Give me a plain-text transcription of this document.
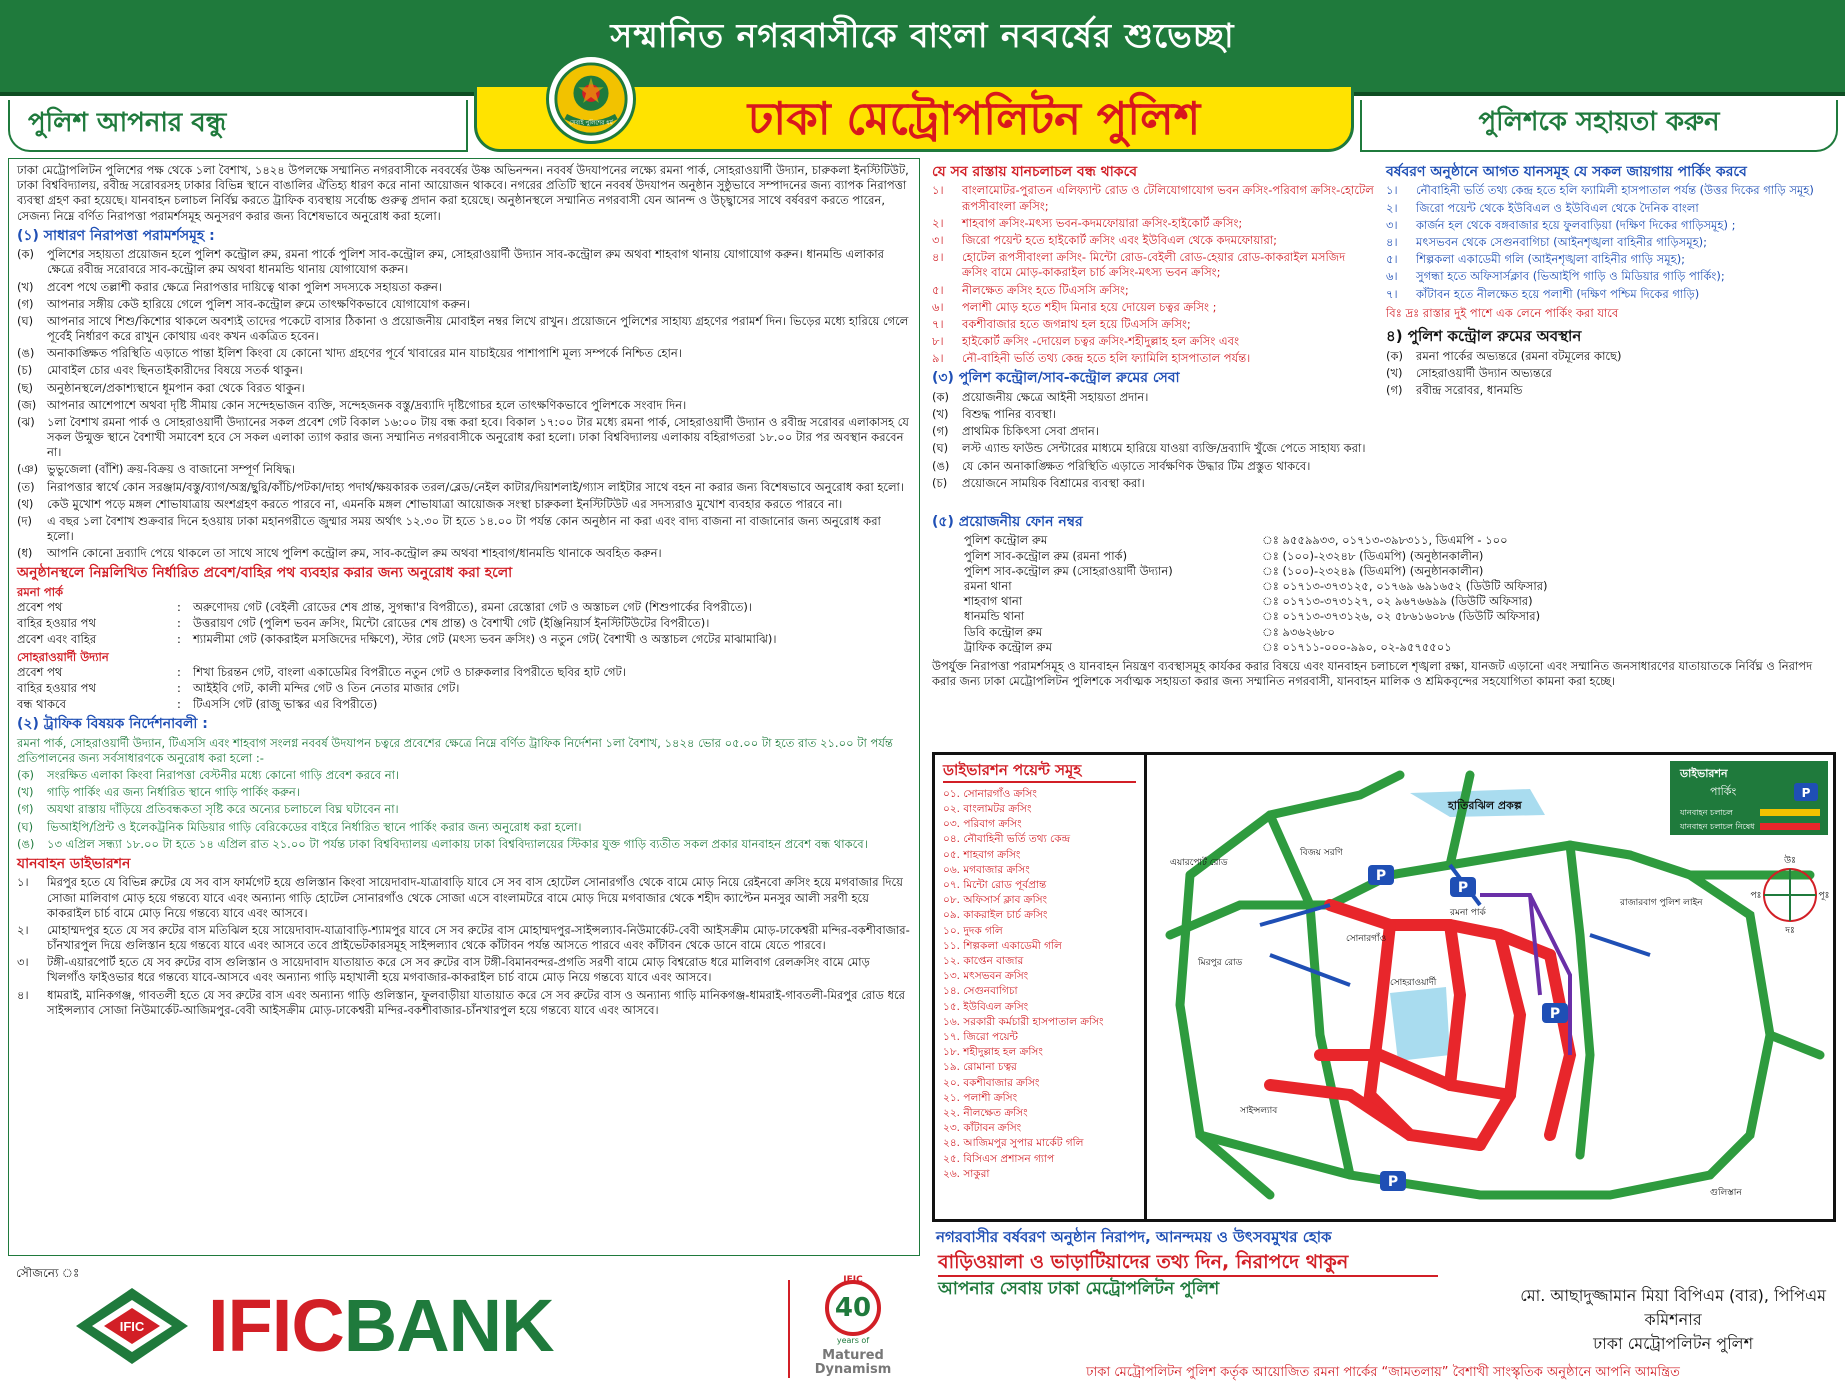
সম্মানিত নগরবাসীকে বাংলা নববর্ষের শুভেচ্ছা
পুলিশ আপনার বন্ধু	ঢাকা মেট্রোপলিটন পুলিশ	পুলিশকে সহায়তা করুন
সেবাই পুলিশের ধর্ম

ঢাকা মেট্রোপলিটন পুলিশের পক্ষ থেকে ১লা বৈশাখ, ১৪২৪ উপলক্ষে সম্মানিত নগরবাসীকে নববর্ষের উষ্ণ অভিনন্দন। নববর্ষ উদযাপনের লক্ষ্যে রমনা পার্ক, সোহরাওয়ার্দী উদ্যান, চারুকলা ইনস্টিটিউট, ঢাকা বিশ্ববিদ্যালয়, রবীন্দ্র সরোবরসহ ঢাকার বিভিন্ন স্থানে বাঙালির ঐতিহ্য ধারণ করে নানা আয়োজন থাকবে। নগরের প্রতিটি স্থানে নববর্ষ উদযাপন অনুষ্ঠান সুষ্ঠুভাবে সম্পাদনের জন্য ব্যাপক নিরাপত্তা ব্যবস্থা গ্রহণ করা হয়েছে। যানবাহন চলাচল নির্বিঘ্ন করতে ট্রাফিক ব্যবস্থায় সর্বোচ্চ গুরুত্ব প্রদান করা হয়েছে। অনুষ্ঠানস্থলে সম্মানিত নগরবাসী যেন আনন্দ ও উচ্ছ্বাসের সাথে বর্ষবরণ করতে পারেন, সেজন্য নিম্নে বর্ণিত নিরাপত্তা পরামর্শসমূহ অনুসরণ করার জন্য বিশেষভাবে অনুরোধ করা হলো।

(১) সাধারণ নিরাপত্তা পরামর্শসমূহ :
(ক)	পুলিশের সহায়তা প্রয়োজন হলে পুলিশ কন্ট্রোল রুম, রমনা পার্কে পুলিশ সাব-কন্ট্রোল রুম, সোহরাওয়ার্দী উদ্যান সাব-কন্ট্রোল রুম অথবা শাহবাগ থানায় যোগাযোগ করুন। ধানমন্ডি এলাকার ক্ষেত্রে রবীন্দ্র সরোবরে সাব-কন্ট্রোল রুম অথবা ধানমন্ডি থানায় যোগাযোগ করুন।
(খ)	প্রবেশ পথে তল্লাশী করার ক্ষেত্রে নিরাপত্তার দায়িত্বে থাকা পুলিশ সদস্যকে সহায়তা করুন।
(গ)	আপনার সঙ্গীয় কেউ হারিয়ে গেলে পুলিশ সাব-কন্ট্রোল রুমে তাৎক্ষণিকভাবে যোগাযোগ করুন।
(ঘ)	আপনার সাথে শিশু/কিশোর থাকলে অবশ্যই তাদের পকেটে বাসার ঠিকানা ও প্রয়োজনীয় মোবাইল নম্বর লিখে রাখুন। প্রয়োজনে পুলিশের সাহায্য গ্রহণের পরামর্শ দিন। ভিড়ের মধ্যে হারিয়ে গেলে পূর্বেই নির্ধারণ করে রাখুন কোথায় এবং কখন একত্রিত হবেন।
(ঙ)	অনাকাঙ্ক্ষিত পরিস্থিতি এড়াতে পান্তা ইলিশ কিংবা যে কোনো খাদ্য গ্রহণের পূর্বে খাবারের মান যাচাইয়ের পাশাপাশি মূল্য সম্পর্কে নিশ্চিত হোন।
(চ)	মোবাইল চোর এবং ছিনতাইকারীদের বিষয়ে সতর্ক থাকুন।
(ছ)	অনুষ্ঠানস্থলে/প্রকাশ্যস্থানে ধূমপান করা থেকে বিরত থাকুন।
(জ) আপনার আশেপাশে অথবা দৃষ্টি সীমায় কোন সন্দেহভাজন ব্যক্তি, সন্দেহজনক বস্তু/দ্রব্যাদি দৃষ্টিগোচর হলে তাৎক্ষণিকভাবে পুলিশকে সংবাদ দিন।
(ঝ)	১লা বৈশাখ রমনা পার্ক ও সোহরাওয়ার্দী উদ্যানের সকল প্রবেশ গেট বিকাল ১৬:০০ টায় বন্ধ করা হবে। বিকাল ১৭:০০ টার মধ্যে রমনা পার্ক, সোহরাওয়ার্দী উদ্যান ও রবীন্দ্র সরোবর এলাকাসহ যে সকল উন্মুক্ত স্থানে বৈশাখী সমাবেশ হবে সে সকল এলাকা ত্যাগ করার জন্য সম্মানিত নগরবাসীকে অনুরোধ করা হলো। ঢাকা বিশ্ববিদ্যালয় এলাকায় বহিরাগতরা ১৮.০০ টার পর অবস্থান করবেন না।
(ঞ) ভুভুজেলা (বাঁশি) ক্রয়-বিক্রয় ও বাজানো সম্পূর্ণ নিষিদ্ধ।
(ত)	নিরাপত্তার স্বার্থে কোন সরঞ্জাম/বস্তু/ব্যাগ/অস্ত্র/ছুরি/কাঁচি/পটকা/দাহ্য পদার্থ/ক্ষয়কারক তরল/ব্লেড/নেইল কাটার/দিয়াশলাই/গ্যাস লাইটার সাথে বহন না করার জন্য বিশেষভাবে অনুরোধ করা হলো।
(থ)	কেউ মুখোশ পড়ে মঙ্গল শোভাযাত্রায় অংশগ্রহণ করতে পারবে না, এমনকি মঙ্গল শোভাযাত্রা আয়োজক সংস্থা চারুকলা ইনস্টিটিউট এর সদস্যরাও মুখোশ ব্যবহার করতে পারবে না।
(দ)	এ বছর ১লা বৈশাখ শুক্রবার দিনে হওয়ায় ঢাকা মহানগরীতে জুম্মার সময় অর্থাৎ ১২.৩০ টা হতে ১৪.০০ টা পর্যন্ত কোন অনুষ্ঠান না করা এবং বাদ্য বাজনা না বাজানোর জন্য অনুরোধ করা হলো।
(ধ)	আপনি কোনো দ্রব্যাদি পেয়ে থাকলে তা সাথে সাথে পুলিশ কন্ট্রোল রুম, সাব-কন্ট্রোল রুম অথবা শাহবাগ/ধানমন্ডি থানাকে অবহিত করুন।
অনুষ্ঠানস্থলে নিম্নলিখিত নির্ধারিত প্রবেশ/বাহির পথ ব্যবহার করার জন্য অনুরোধ করা হলো
রমনা পার্ক
প্রবেশ পথ	:	অরুণোদয় গেট (বেইলী রোডের শেষ প্রান্ত, সুগন্ধা'র বিপরীতে), রমনা রেস্তোরা গেট ও অস্তাচল গেট (শিশুপার্কের বিপরীতে)।
বাহির হওয়ার পথ	:	উত্তরায়ণ গেট (পুলিশ ভবন ক্রসিং, মিন্টো রোডের শেষ প্রান্ত) ও বৈশাখী গেট (ইঞ্জিনিয়ার্স ইনস্টিটিউটের বিপরীতে)।
প্রবেশ এবং বাহির	:	শ্যামলীমা গেট (কাকরাইল মসজিদের দক্ষিণে), স্টার গেট (মৎস্য ভবন ক্রসিং) ও নতুন গেট( বৈশাখী ও অস্তাচল গেটের মাঝামাঝি)।
সোহরাওয়ার্দী উদ্যান
প্রবেশ পথ	:	শিখা চিরন্তন গেট, বাংলা একাডেমির বিপরীতে নতুন গেট ও চারুকলার বিপরীতে ছবির হাট গেট।
বাহির হওয়ার পথ	:	আইইবি গেট, কালী মন্দির গেট ও তিন নেতার মাজার গেট।
বন্ধ থাকবে	:	টিএসসি গেট (রাজু ভাস্কর এর বিপরীতে)
(২) ট্রাফিক বিষয়ক নির্দেশনাবলী :

রমনা পার্ক, সোহরাওয়ার্দী উদ্যান, টিএসসি এবং শাহবাগ সংলগ্ন নববর্ষ উদযাপন চত্বরে প্রবেশের ক্ষেত্রে নিম্নে বর্ণিত ট্রাফিক নির্দেশনা ১লা বৈশাখ, ১৪২৪ ভোর ০৫.০০ টা হতে রাত ২১.০০ টা পর্যন্ত প্রতিপালনের জন্য সর্বসাধারণকে অনুরোধ করা হলো :-

(ক)	সংরক্ষিত এলাকা কিংবা নিরাপত্তা বেস্টনীর মধ্যে কোনো গাড়ি প্রবেশ করবে না।
(খ)	গাড়ি পার্কিং এর জন্য নির্ধারিত স্থানে গাড়ি পার্কিং করুন।
(গ)	অযথা রাস্তায় দাঁড়িয়ে প্রতিবন্ধকতা সৃষ্টি করে অন্যের চলাচলে বিঘ্ন ঘটাবেন না।
(ঘ)	ভিআইপি/প্রিন্ট ও ইলেকট্রনিক মিডিয়ার গাড়ি বেরিকেডের বাইরে নির্ধারিত স্থানে পার্কিং করার জন্য অনুরোধ করা হলো।
(ঙ)	১৩ এপ্রিল সন্ধ্যা ১৮.০০ টা হতে ১৪ এপ্রিল রাত ২১.০০ টা পর্যন্ত ঢাকা বিশ্ববিদ্যালয় এলাকায় ঢাকা বিশ্ববিদ্যালয়ের স্টিকার যুক্ত গাড়ি ব্যতীত সকল প্রকার যানবাহন প্রবেশ বন্ধ থাকবে।
যানবাহন ডাইভারশন
১।	মিরপুর হতে যে বিভিন্ন রুটের যে সব বাস ফার্মগেট হয়ে গুলিস্তান কিংবা সায়েদাবাদ-যাত্রাবাড়ি যাবে সে সব বাস হোটেল সোনারগাঁও থেকে বামে মোড় নিয়ে রেইনবো ক্রসিং হয়ে মগবাজার দিয়ে সোজা মালিবাগ মোড় হয়ে গন্তব্যে যাবে এবং অন্যান্য গাড়ি হোটেল সোনারগাঁও থেকে সোজা এসে বাংলামটরে বামে মোড় দিয়ে মগবাজার থেকে শহীদ ক্যাপ্টেন মনসুর আলী সরণী হয়ে কাকরাইল চার্চ বামে মোড় নিয়ে গন্তব্যে যাবে এবং আসবে।
২।	মোহাম্মদপুর হতে যে সব রুটের বাস মতিঝিল হয়ে সায়েদাবাদ-যাত্রাবাড়ি-শ্যামপুর যাবে সে সব রুটের বাস মোহাম্মদপুর-সাইন্সল্যাব-নিউমার্কেট-বেবী আইসক্রীম মোড়-ঢাকেশ্বরী মন্দির-বকশীবাজার-চাঁনখারপুল দিয়ে গুলিস্তান হয়ে গন্তব্যে যাবে এবং আসবে তবে প্রাইভেটকারসমূহ সাইন্সল্যাব থেকে কাঁটাবন পর্যন্ত আসতে পারবে এবং কাঁটাবন থেকে ডানে বামে যেতে পারবে।
৩।	টঙ্গী-এয়ারপোর্ট হতে যে সব রুটের বাস গুলিস্তান ও সায়েদাবাদ যাতায়াত করে সে সব রুটের বাস টঙ্গী-বিমানবন্দর-প্রগতি সরণী বামে মোড় বিশ্বরোড ধরে মালিবাগ রেলক্রসিং বামে মোড় খিলগাঁও ফাইওভার ধরে গন্তব্যে যাবে-আসবে এবং অন্যান্য গাড়ি মহাখালী হয়ে মগবাজার-কাকরাইল চার্চ বামে মোড় নিয়ে গন্তব্যে যাবে এবং আসবে।
৪।	ধামরাই, মানিকগঞ্জ, গাবতলী হতে যে সব রুটের বাস এবং অন্যান্য গাড়ি গুলিস্তান, ফুলবাড়ীয়া যাতায়াত করে সে সব রুটের বাস ও অন্যান্য গাড়ি মানিকগঞ্জ-ধামরাই-গাবতলী-মিরপুর রোড ধরে সাইন্সল্যাব সোজা নিউমার্কেট-আজিমপুর-বেবী আইসক্রীম মোড়-ঢাকেশ্বরী মন্দির-বকশীবাজার-চাঁনখারপুল হয়ে গন্তব্যে যাবে এবং আসবে।
যে সব রাস্তায় যানচলাচল বন্ধ থাকবে
১।	বাংলামোটর-পুরাতন এলিফ্যান্ট রোড ও টেলিযোগাযোগ ভবন ক্রসিং-পরিবাগ ক্রসিং-হোটেল রূপসীবাংলা ক্রসিং;
২।	শাহবাগ ক্রসিং-মৎস্য ভবন-কদমফোয়ারা ক্রসিং-হাইকোর্ট ক্রসিং;
৩।	জিরো পয়েন্ট হতে হাইকোর্ট ক্রসিং এবং ইউবিএল থেকে কদমফোয়ারা;
৪।	হোটেল রূপসীবাংলা ক্রসিং- মিন্টো রোড-বেইলী রোড-হেয়ার রোড-কাকরাইল মসজিদ ক্রসিং বামে মোড়-কাকরাইল চার্চ ক্রসিং-মৎস্য ভবন ক্রসিং;
৫।	নীলক্ষেত ক্রসিং হতে টিএসসি ক্রসিং;
৬।	পলাশী মোড় হতে শহীদ মিনার হয়ে দোয়েল চত্বর ক্রসিং ;
৭।	বকশীবাজার হতে জগন্নাথ হল হয়ে টিএসসি ক্রসিং;
৮।	হাইকোর্ট ক্রসিং -দোয়েল চত্বর ক্রসিং-শহীদুল্লাহ হল ক্রসিং এবং
৯।	নৌ-বাহিনী ভর্তি তথ্য কেন্দ্র হতে হলি ফ্যামিলি হাসপাতাল পর্যন্ত।
(৩) পুলিশ কন্ট্রোল/সাব-কন্ট্রোল রুমের সেবা
(ক)	প্রয়োজনীয় ক্ষেত্রে আইনী সহায়তা প্রদান।
(খ)	বিশুদ্ধ পানির ব্যবস্থা।
(গ)	প্রাথমিক চিকিৎসা সেবা প্রদান।
(ঘ)	লস্ট এ্যান্ড ফাউন্ড সেন্টারের মাধ্যমে হারিয়ে যাওয়া ব্যক্তি/দ্রব্যাদি খুঁজে পেতে সাহায্য করা।
(ঙ)	যে কোন অনাকাঙ্ক্ষিত পরিস্থিতি এড়াতে সার্বক্ষণিক উদ্ধার টিম প্রস্তুত থাকবে।
(চ)	প্রয়োজনে সাময়িক বিশ্রামের ব্যবস্থা করা।
(৫) প্রয়োজনীয় ফোন নম্বর
পুলিশ কন্ট্রোল রুম	ঃ ৯৫৫৯৯৩৩, ০১৭১৩-৩৯৮৩১১, ডিএমপি - ১০০
পুলিশ সাব-কন্ট্রোল রুম (রমনা পার্ক)	ঃ (১০০)-২৩২৪৮ (ডিএমপি) (অনুষ্ঠানকালীন)
পুলিশ সাব-কন্ট্রোল রুম (সোহরাওয়ার্দী উদ্যান)	ঃ (১০০)-২৩২৪৯ (ডিএমপি) (অনুষ্ঠানকালীন)
রমনা থানা	ঃ ০১৭১৩-৩৭৩১২৫, ০১৭৬৯ ৬৯১৬৫২ (ডিউটি অফিসার)
শাহবাগ থানা	ঃ ০১৭১৩-৩৭৩১২৭, ০২ ৯৬৭৬৬৯৯ (ডিউটি অফিসার)
ধানমন্ডি থানা	ঃ ০১৭১৩-৩৭৩১২৬, ০২ ৫৮৬১৬০৮৬ (ডিউটি অফিসার)
ডিবি কন্ট্রোল রুম	ঃ ৯৩৬২৬৮০
ট্রাফিক কন্ট্রোল রুম	ঃ ০১৭১১-০০০-৯৯০, ০২-৯৫৭৫৫০১

উপর্যুক্ত নিরাপত্তা পরামর্শসমূহ ও যানবাহন নিয়ন্ত্রণ ব্যবস্থাসমূহ কার্যকর করার বিষয়ে এবং যানবাহন চলাচলে শৃঙ্খলা রক্ষা, যানজট এড়ানো এবং সম্মানিত জনসাধারণের যাতায়াতকে নির্বিঘ্ন ও নিরাপদ করার জন্য ঢাকা মেট্রোপলিটন পুলিশকে সর্বাত্মক সহায়তা করার জন্য সম্মানিত নগরবাসী, যানবাহন মালিক ও শ্রমিকবৃন্দের সহযোগিতা কামনা করা হচ্ছে।

বর্ষবরণ অনুষ্ঠানে আগত যানসমূহ যে সকল জায়গায় পার্কিং করবে
১।	নৌবাহিনী ভর্তি তথ্য কেন্দ্র হতে হলি ফ্যামিলী হাসপাতাল পর্যন্ত (উত্তর দিকের গাড়ি সমূহ)
২।	জিরো পয়েন্ট থেকে ইউবিএল ও ইউবিএল থেকে দৈনিক বাংলা
৩।	কার্জন হল থেকে বঙ্গবাজার হয়ে ফুলবাড়িয়া (দক্ষিণ দিকের গাড়িসমূহ) ;
৪।	মৎসভবন থেকে সেগুনবাগিচা (আইনশৃঙ্খলা বাহিনীর গাড়িসমূহ);
৫।	শিল্পকলা একাডেমী গলি (আইনশৃঙ্খলা বাহিনীর গাড়ি সমূহ);
৬।	সুগন্ধা হতে অফিসার্সক্লাব (ভিআইপি গাড়ি ও মিডিয়ার গাড়ি পার্কিং);
৭।	কাঁটাবন হতে নীলক্ষেত হয়ে পলাশী (দক্ষিণ পশ্চিম দিকের গাড়ি)

বিঃ দ্রঃ রাস্তার দুই পাশে এক লেনে পার্কিং করা যাবে

৪) পুলিশ কন্ট্রোল রুমের অবস্থান
(ক)	রমনা পার্কের অভ্যন্তরে (রমনা বটমূলের কাছে)
(খ)	সোহরাওয়ার্দী উদ্যান অভ্যন্তরে
(গ)	রবীন্দ্র সরোবর, ধানমন্ডি
ডাইভারশন পয়েন্ট সমূহ
০১. সোনারগাঁও ক্রসিং
০২. বাংলামটর ক্রসিং
০৩. পরিবাগ ক্রসিং
০৪. নৌবাহিনী ভর্তি তথ্য কেন্দ্র
০৫. শাহবাগ ক্রসিং
০৬. মগবাজার ক্রসিং
০৭. মিন্টো রোড পূর্বপ্রান্ত
০৮. অফিসার্স ক্লাব ক্রসিং
০৯. কাকরাইল চার্চ ক্রসিং
১০. দুদক গলি
১১. শিল্পকলা একাডেমী গলি
১২. কাপ্তেন বাজার
১৩. মৎসভবন ক্রসিং
১৪. সেগুনবাগিচা
১৫. ইউবিএল ক্রসিং
১৬. সরকারী কর্মচারী হাসপাতাল ক্রসিং
১৭. জিরো পয়েন্ট
১৮. শহীদুল্লাহ হল ক্রসিং
১৯. রোমানা চত্বর
২০. বকশীবাজার ক্রসিং
২১. পলাশী ক্রসিং
২২. নীলক্ষেত ক্রসিং
২৩. কাঁটাবন ক্রসিং
২৪. আজিমপুর সুপার মার্কেট গলি
২৫. বিসিএস প্রশাসন গ্যাপ
২৬. সাকুরা
P
P
P
P
হাতিরঝিল প্রকল্প
বিজয় সরণি
মিরপুর রোড
সোনারগাঁও
সাইন্সল্যাব
সোহরাওয়ার্দী
রমনা পার্ক
রাজারবাগ পুলিশ লাইন
গুলিস্তান
এয়ারপোর্ট রোড
ডাইভারশন
পার্কিং	P
যানবাহন চলাচল
যানবাহন চলাচল নিষেধ
উঃ
দঃ
পূঃ
পঃ
সৌজন্যে ঃ
IFIC IFICBANK
IFIC
40
years of
Matured
Dynamism
নগরবাসীর বর্ষবরণ অনুষ্ঠান নিরাপদ, আনন্দময় ও উৎসবমুখর হোক
বাড়িওয়ালা ও ভাড়াটিয়াদের তথ্য দিন, নিরাপদে থাকুন
আপনার সেবায় ঢাকা মেট্রোপলিটন পুলিশ	মো. আছাদুজ্জামান মিয়া বিপিএম (বার), পিপিএম
কমিশনার
ঢাকা মেট্রোপলিটন পুলিশ
ঢাকা মেট্রোপলিটন পুলিশ কর্তৃক আয়োজিত রমনা পার্কের “জামতলায়” বৈশাখী সাংস্কৃতিক অনুষ্ঠানে আপনি আমন্ত্রিত
